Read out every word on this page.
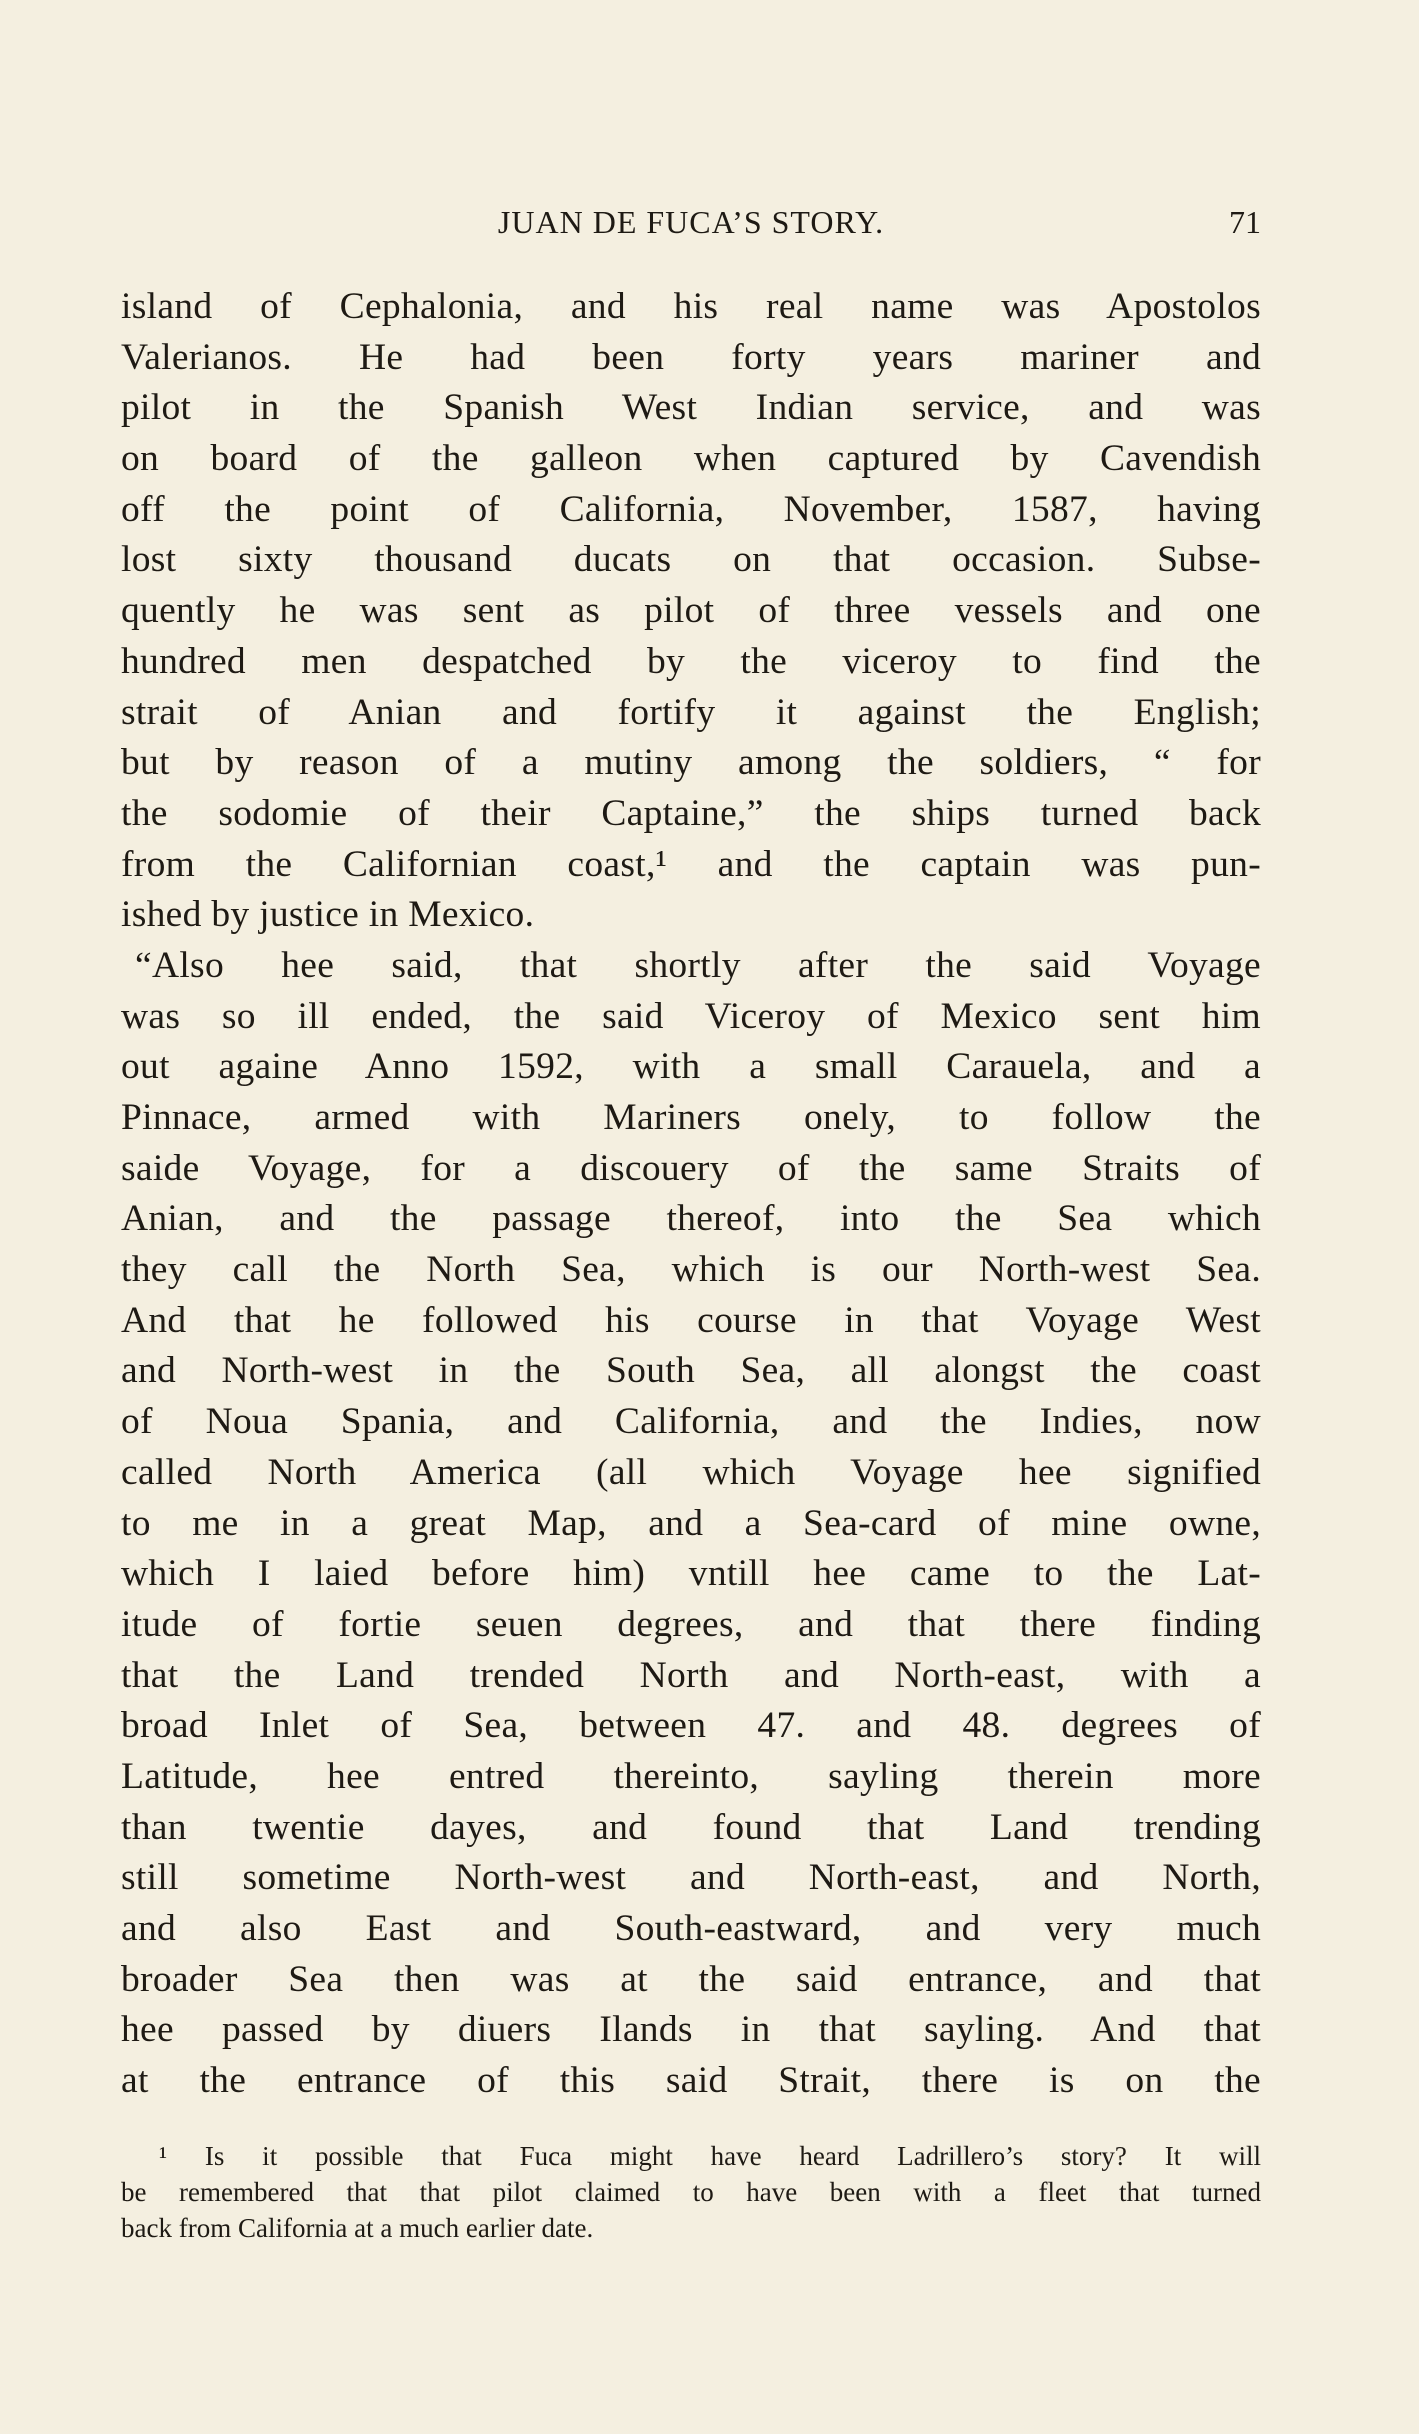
JUAN DE FUCA’S STORY.	71
island of Cephalonia, and his real name was Apostolos
Valerianos. He had been forty years mariner and
pilot in the Spanish West Indian service, and was
on board of the galleon when captured by Cavendish
off the point of California, November, 1587, having
lost sixty thousand ducats on that occasion. Subse-
quently he was sent as pilot of three vessels and one
hundred men despatched by the viceroy to find the
strait of Anian and fortify it against the English;
but by reason of a mutiny among the soldiers, “ for
the sodomie of their Captaine,” the ships turned back
from the Californian coast,¹ and the captain was pun-
ished by justice in Mexico.
“Also hee said, that shortly after the said Voyage
was so ill ended, the said Viceroy of Mexico sent him
out againe Anno 1592, with a small Carauela, and a
Pinnace, armed with Mariners onely, to follow the
saide Voyage, for a discouery of the same Straits of
Anian, and the passage thereof, into the Sea which
they call the North Sea, which is our North-west Sea.
And that he followed his course in that Voyage West
and North-west in the South Sea, all alongst the coast
of Noua Spania, and California, and the Indies, now
called North America (all which Voyage hee signified
to me in a great Map, and a Sea-card of mine owne,
which I laied before him) vntill hee came to the Lat-
itude of fortie seuen degrees, and that there finding
that the Land trended North and North-east, with a
broad Inlet of Sea, between 47. and 48. degrees of
Latitude, hee entred thereinto, sayling therein more
than twentie dayes, and found that Land trending
still sometime North-west and North-east, and North,
and also East and South-eastward, and very much
broader Sea then was at the said entrance, and that
hee passed by diuers Ilands in that sayling. And that
at the entrance of this said Strait, there is on the
¹ Is it possible that Fuca might have heard Ladrillero’s story? It will
be remembered that that pilot claimed to have been with a fleet that turned
back from California at a much earlier date.
